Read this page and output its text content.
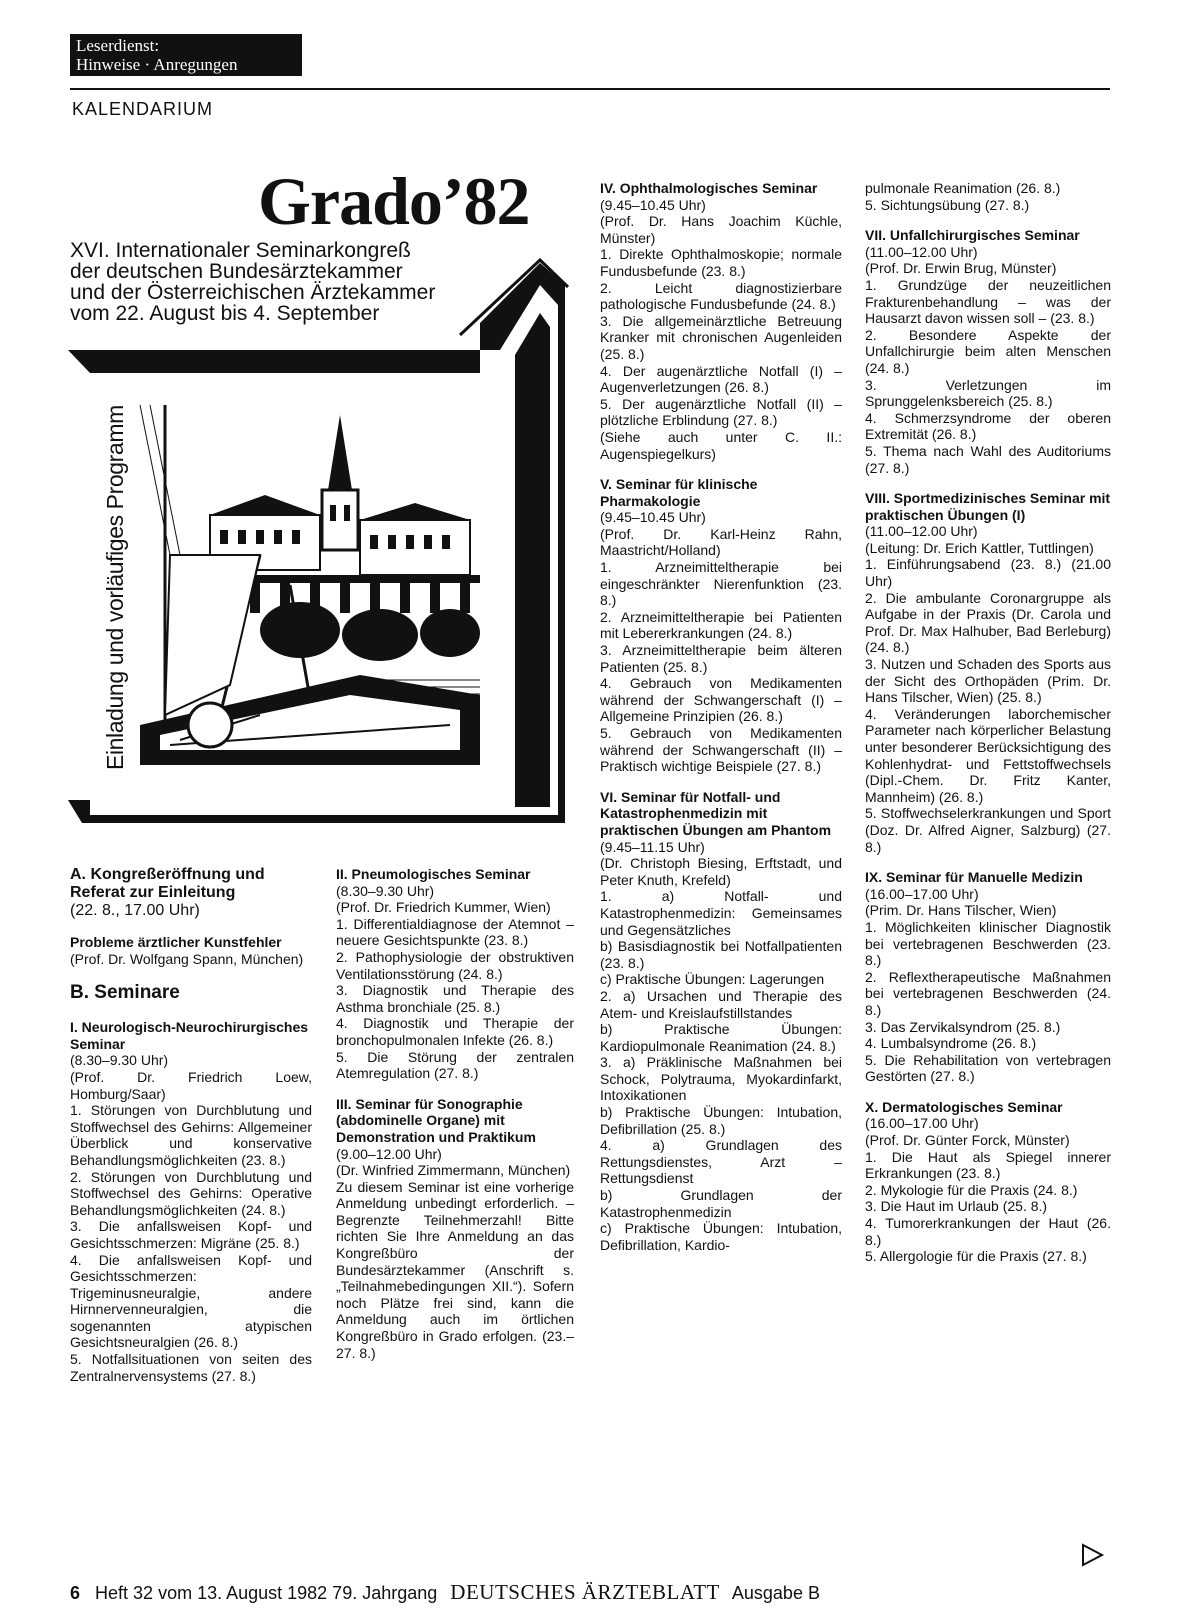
Leserdienst:
Hinweise · Anregungen
KALENDARIUM
Grado’82
XVI. Internationaler Seminarkongreß
der deutschen Bundesärztekammer
und der Österreichischen Ärztekammer
vom 22. August bis 4. September
Einladung und vorläufiges Programm

A. Kongreßeröffnung und Referat zur Einleitung

(22. 8., 17.00 Uhr)

Probleme ärztlicher Kunstfehler

(Prof. Dr. Wolfgang Spann, München)

B. Seminare

I. Neurologisch-Neurochirurgisches Seminar

(8.30–9.30 Uhr)

(Prof. Dr. Friedrich Loew, Homburg/Saar)

1. Störungen von Durchblutung und Stoffwechsel des Gehirns: Allgemeiner Überblick und konservative Behandlungsmöglichkeiten (23. 8.)

2. Störungen von Durchblutung und Stoffwechsel des Gehirns: Operative Behandlungsmöglichkeiten (24. 8.)

3. Die anfallsweisen Kopf- und Gesichtsschmerzen: Migräne (25. 8.)

4. Die anfallsweisen Kopf- und Gesichtsschmerzen: Trigeminusneuralgie, andere Hirnnervenneuralgien, die sogenannten atypischen Gesichtsneuralgien (26. 8.)

5. Notfallsituationen von seiten des Zentralnervensystems (27. 8.)

II. Pneumologisches Seminar

(8.30–9.30 Uhr)

(Prof. Dr. Friedrich Kummer, Wien)

1. Differentialdiagnose der Atemnot – neuere Gesichtspunkte (23. 8.)

2. Pathophysiologie der obstruktiven Ventilationsstörung (24. 8.)

3. Diagnostik und Therapie des Asthma bronchiale (25. 8.)

4. Diagnostik und Therapie der bronchopulmonalen Infekte (26. 8.)

5. Die Störung der zentralen Atemregulation (27. 8.)

III. Seminar für Sonographie (abdominelle Organe) mit Demonstration und Praktikum

(9.00–12.00 Uhr)

(Dr. Winfried Zimmermann, München)

Zu diesem Seminar ist eine vorherige Anmeldung unbedingt erforderlich. – Begrenzte Teilnehmerzahl! Bitte richten Sie Ihre Anmeldung an das Kongreßbüro der Bundesärztekammer (Anschrift s. „Teilnahmebedingungen XII.“). Sofern noch Plätze frei sind, kann die Anmeldung auch im örtlichen Kongreßbüro in Grado erfolgen. (23.–27. 8.)

IV. Ophthalmologisches Seminar

(9.45–10.45 Uhr)

(Prof. Dr. Hans Joachim Küchle, Münster)

1. Direkte Ophthalmoskopie; normale Fundusbefunde (23. 8.)

2. Leicht diagnostizierbare pathologische Fundusbefunde (24. 8.)

3. Die allgemeinärztliche Betreuung Kranker mit chronischen Augenleiden (25. 8.)

4. Der augenärztliche Notfall (I) – Augenverletzungen (26. 8.)

5. Der augenärztliche Notfall (II) – plötzliche Erblindung (27. 8.)

(Siehe auch unter C. II.: Augenspiegelkurs)

V. Seminar für klinische Pharmakologie

(9.45–10.45 Uhr)

(Prof. Dr. Karl-Heinz Rahn, Maastricht/Holland)

1. Arzneimitteltherapie bei eingeschränkter Nierenfunktion (23. 8.)

2. Arzneimitteltherapie bei Patienten mit Lebererkrankungen (24. 8.)

3. Arzneimitteltherapie beim älteren Patienten (25. 8.)

4. Gebrauch von Medikamenten während der Schwangerschaft (I) – Allgemeine Prinzipien (26. 8.)

5. Gebrauch von Medikamenten während der Schwangerschaft (II) – Praktisch wichtige Beispiele (27. 8.)

VI. Seminar für Notfall- und Katastrophenmedizin mit praktischen Übungen am Phantom

(9.45–11.15 Uhr)

(Dr. Christoph Biesing, Erftstadt, und Peter Knuth, Krefeld)

1. a) Notfall- und Katastrophenmedizin: Gemeinsames und Gegensätzliches

b) Basisdiagnostik bei Notfallpatienten (23. 8.)

c) Praktische Übungen: Lagerungen

2. a) Ursachen und Therapie des Atem- und Kreislaufstillstandes

b) Praktische Übungen: Kardiopulmonale Reanimation (24. 8.)

3. a) Präklinische Maßnahmen bei Schock, Polytrauma, Myokardinfarkt, Intoxikationen

b) Praktische Übungen: Intubation, Defibrillation (25. 8.)

4. a) Grundlagen des Rettungsdienstes, Arzt – Rettungsdienst

b) Grundlagen der Katastrophenmedizin

c) Praktische Übungen: Intubation, Defibrillation, Kardio-

pulmonale Reanimation (26. 8.)

5. Sichtungsübung (27. 8.)

VII. Unfallchirurgisches Seminar

(11.00–12.00 Uhr)

(Prof. Dr. Erwin Brug, Münster)

1. Grundzüge der neuzeitlichen Frakturenbehandlung – was der Hausarzt davon wissen soll – (23. 8.)

2. Besondere Aspekte der Unfallchirurgie beim alten Menschen (24. 8.)

3. Verletzungen im Sprunggelenksbereich (25. 8.)

4. Schmerzsyndrome der oberen Extremität (26. 8.)

5. Thema nach Wahl des Auditoriums (27. 8.)

VIII. Sportmedizinisches Seminar mit praktischen Übungen (I)

(11.00–12.00 Uhr)

(Leitung: Dr. Erich Kattler, Tuttlingen)

1. Einführungsabend (23. 8.) (21.00 Uhr)

2. Die ambulante Coronargruppe als Aufgabe in der Praxis (Dr. Carola und Prof. Dr. Max Halhuber, Bad Berleburg) (24. 8.)

3. Nutzen und Schaden des Sports aus der Sicht des Orthopäden (Prim. Dr. Hans Tilscher, Wien) (25. 8.)

4. Veränderungen laborchemischer Parameter nach körperlicher Belastung unter besonderer Berücksichtigung des Kohlenhydrat- und Fettstoffwechsels (Dipl.-Chem. Dr. Fritz Kanter, Mannheim) (26. 8.)

5. Stoffwechselerkrankungen und Sport (Doz. Dr. Alfred Aigner, Salzburg) (27. 8.)

IX. Seminar für Manuelle Medizin

(16.00–17.00 Uhr)

(Prim. Dr. Hans Tilscher, Wien)

1. Möglichkeiten klinischer Diagnostik bei vertebragenen Beschwerden (23. 8.)

2. Reflextherapeutische Maßnahmen bei vertebragenen Beschwerden (24. 8.)

3. Das Zervikalsyndrom (25. 8.)

4. Lumbalsyndrome (26. 8.)

5. Die Rehabilitation von vertebragen Gestörten (27. 8.)

X. Dermatologisches Seminar

(16.00–17.00 Uhr)

(Prof. Dr. Günter Forck, Münster)

1. Die Haut als Spiegel innerer Erkrankungen (23. 8.)

2. Mykologie für die Praxis (24. 8.)

3. Die Haut im Urlaub (25. 8.)

4. Tumorerkrankungen der Haut (26. 8.)

5. Allergologie für die Praxis (27. 8.)

6 Heft 32 vom 13. August 1982 79. Jahrgang DEUTSCHES ÄRZTEBLATT Ausgabe B
